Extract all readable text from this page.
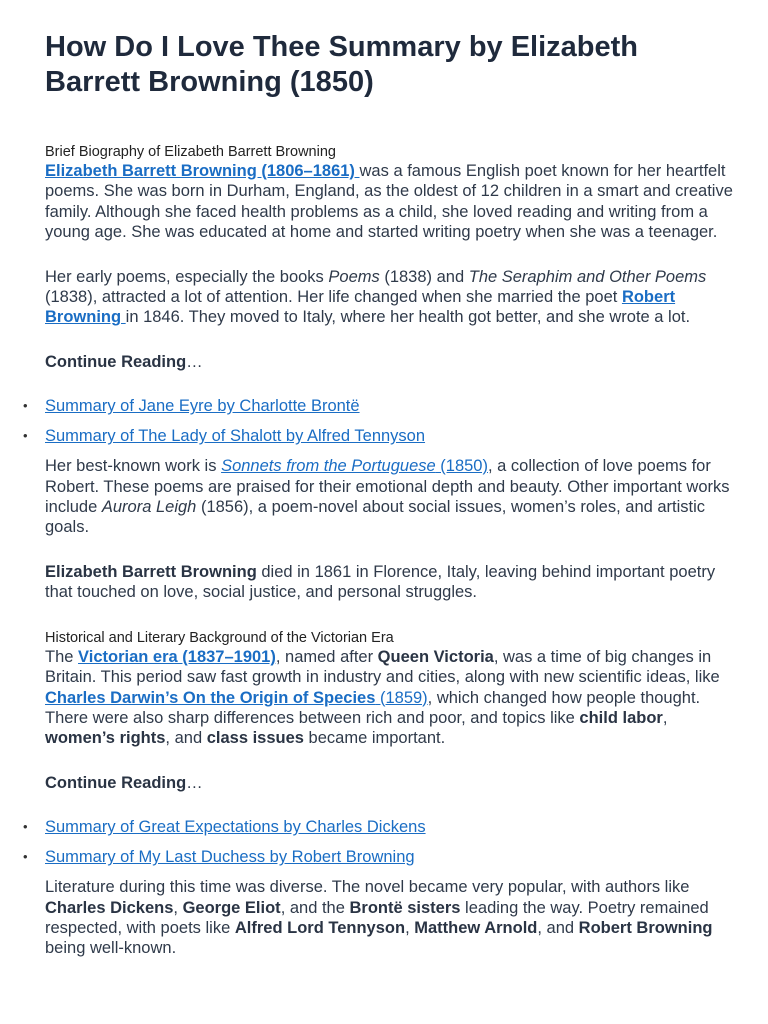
How Do I Love Thee Summary by Elizabeth Barrett Browning (1850)
Brief Biography of Elizabeth Barrett Browning

Elizabeth Barrett Browning (1806–1861) was a famous English poet known for her heartfelt poems. She was born in Durham, England, as the oldest of 12 children in a smart and creative family. Although she faced health problems as a child, she loved reading and writing from a young age. She was educated at home and started writing poetry when she was a teenager.

Her early poems, especially the books Poems (1838) and The Seraphim and Other Poems (1838), attracted a lot of attention. Her life changed when she married the poet Robert Browning in 1846. They moved to Italy, where her health got better, and she wrote a lot.

Continue Reading…

• Summary of Jane Eyre by Charlotte Brontë
• Summary of The Lady of Shalott by Alfred Tennyson

Her best-known work is Sonnets from the Portuguese (1850), a collection of love poems for Robert. These poems are praised for their emotional depth and beauty. Other important works include Aurora Leigh (1856), a poem-novel about social issues, women’s roles, and artistic goals.

Elizabeth Barrett Browning died in 1861 in Florence, Italy, leaving behind important poetry that touched on love, social justice, and personal struggles.

Historical and Literary Background of the Victorian Era

The Victorian era (1837–1901), named after Queen Victoria, was a time of big changes in Britain. This period saw fast growth in industry and cities, along with new scientific ideas, like Charles Darwin’s On the Origin of Species (1859), which changed how people thought. There were also sharp differences between rich and poor, and topics like child labor, women’s rights, and class issues became important.

Continue Reading…

• Summary of Great Expectations by Charles Dickens
• Summary of My Last Duchess by Robert Browning

Literature during this time was diverse. The novel became very popular, with authors like Charles Dickens, George Eliot, and the Brontë sisters leading the way. Poetry remained respected, with poets like Alfred Lord Tennyson, Matthew Arnold, and Robert Browning being well-known.
